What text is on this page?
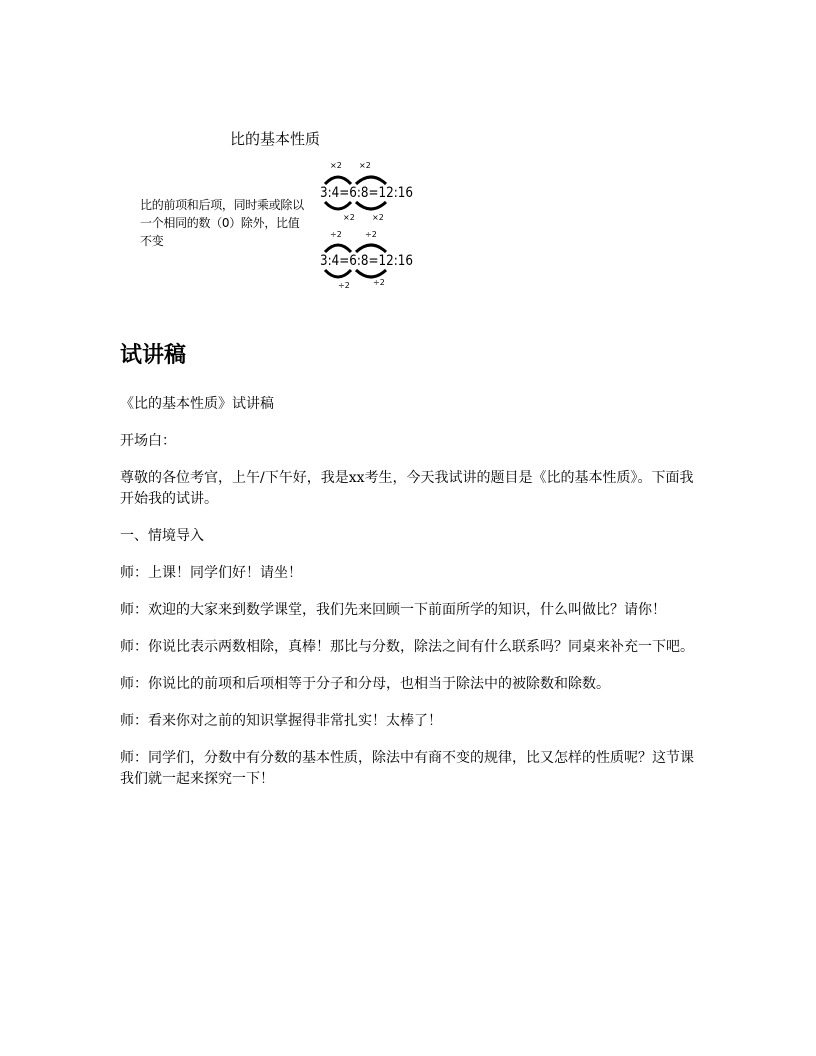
比的基本性质
比的前项和后项，同时乘或除以一个相同的数（0）除外，比值不变
×2 ×2
3:4=6:8=12:16
×2 ×2
÷2	÷2
3:4=6:8=12:16
÷2	÷2
试讲稿

《比的基本性质》试讲稿

开场白：

尊敬的各位考官，上午/下午好，我是xx考生，今天我试讲的题目是《比的基本性质》。下面我开始我的试讲。

一、情境导入

师：上课！同学们好！请坐！

师：欢迎的大家来到数学课堂，我们先来回顾一下前面所学的知识，什么叫做比？请你！

师：你说比表示两数相除，真棒！那比与分数，除法之间有什么联系吗？同桌来补充一下吧。

师：你说比的前项和后项相等于分子和分母，也相当于除法中的被除数和除数。

师：看来你对之前的知识掌握得非常扎实！太棒了！

师：同学们，分数中有分数的基本性质，除法中有商不变的规律，比又怎样的性质呢？这节课我们就一起来探究一下！
